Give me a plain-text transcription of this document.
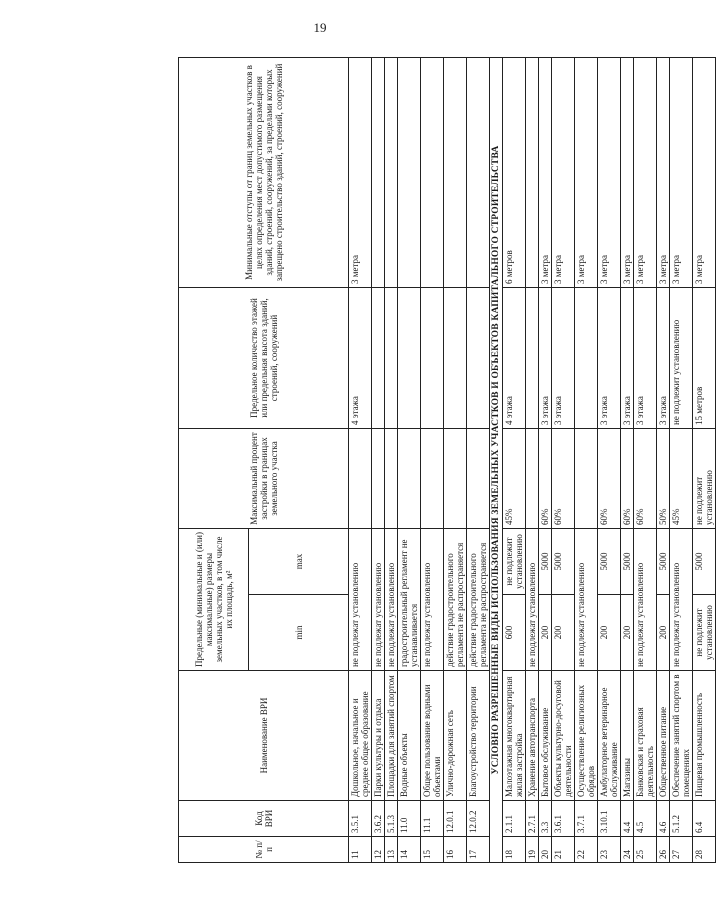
19
№ п/п	Код ВРИ	Наименование ВРИ	Предельные (минимальные и (или) максимальные) размеры земельных участков, в том числе их площадь, м²		Максимальный процент застройки в границах земельного участка	Предельное количество этажей или предельная высота зданий, строений, сооружений	Минимальные отступы от границ земельных участков в целях определения мест допустимого размещения зданий, строений, сооружений, за пределами которых запрещено строительство зданий, строений, сооружений
			min	max			
11	3.5.1	Дошкольное, начальное и среднее общее образование	не подлежат установлению			4 этажа	3 метра
12	3.6.2	Парки культуры и отдыха	не подлежат установлению				
13	5.1.3	Площадки для занятий спортом	не подлежат установлению				
14	11.0	Водные объекты	градостроительный регламент не устанавливается				
15	11.1	Общее пользование водными объектами	не подлежат установлению				
16	12.0.1	Улично-дорожная сеть	действие градостроительного регламента не распространяется				
17	12.0.2	Благоустройство территории	действие градостроительного регламента не распространяется				
УСЛОВНО РАЗРЕШЕННЫЕ ВИДЫ ИСПОЛЬЗОВАНИЯ ЗЕМЕЛЬНЫХ УЧАСТКОВ И ОБЪЕКТОВ КАПИТАЛЬНОГО СТРОИТЕЛЬСТВА							
18	2.1.1	Малоэтажная многоквартирная жилая застройка	600	не подлежит установлению	45%	4 этажа	6 метров
19	2.7.1	Хранение автотранспорта	не подлежат установлению				
20	3.3	Бытовое обслуживание	200	5000	60%	3 этажа	3 метра
21	3.6.1	Объекты культурно-досуговой деятельности	200	5000	60%	3 этажа	3 метра
22	3.7.1	Осуществление религиозных обрядов	не подлежат установлению				3 метра
23	3.10.1	Амбулаторное ветеринарное обслуживание	200	5000	60%	3 этажа	3 метра
24	4.4	Магазины	200	5000	60%	3 этажа	3 метра
25	4.5	Банковская и страховая деятельность	не подлежат установлению		60%	3 этажа	3 метра
26	4.6	Общественное питание	200	5000	50%	3 этажа	3 метра
27	5.1.2	Обеспечение занятий спортом в помещениях	не подлежат установлению		45%	не подлежит установлению	3 метра
28	6.4	Пищевая промышленность	не подлежит установлению	5000	не подлежит установлению	15 метров	3 метра
